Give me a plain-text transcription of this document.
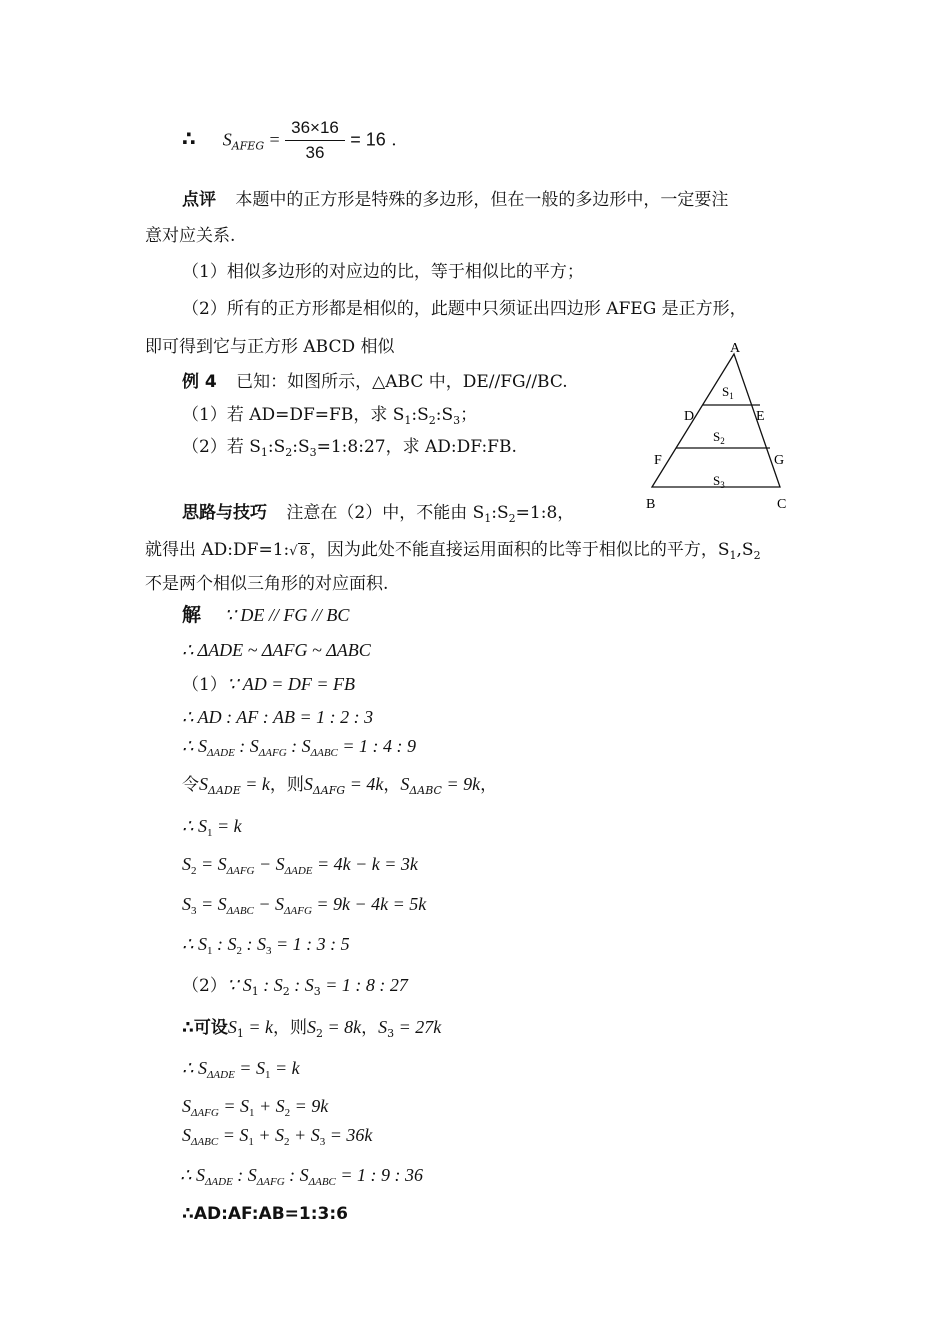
∴ $S_{AFEG} = \frac{36\times 16}{36} = 16$ .
点评 本题中的正方形是特殊的多边形，但在一般的多边形中，一定要注
意对应关系.
（1）相似多边形的对应边的比，等于相似比的平方；
（2）所有的正方形都是相似的，此题中只须证出四边形 AFEG 是正方形，
即可得到它与正方形 ABCD 相似
例 4 已知：如图所示，△ABC 中，DE//FG//BC.
（1）若 AD=DF=FB，求 $S_1:S_2:S_3$；
（2）若 $S_1:S_2:S_3=1:8:27$，求 AD:DF:FB.
A
D	E
F	G
B	C
$S_1$
$S_2$
$S_3$
思路与技巧 注意在（2）中，不能由 $S_1:S_2=1:8$，
就得出 AD:DF=1:√ 8 ，因为此处不能直接运用面积的比等于相似比的平方，$S_1,S_2$
不是两个相似三角形的对应面积.
解 ∵ DE // FG // BC
∴ ΔADE ~ ΔAFG ~ ΔABC
（1）∵ AD = DF = FB
∴ AD : AF : AB = 1 : 2 : 3
∴ $S_{\Delta ADE}$ : $S_{\Delta AFG}$ : $S_{\Delta ABC} = 1$ : 4 : 9
令$S_{\Delta ADE} = k$，则$S_{\Delta AFG} = 4k$，$S_{\Delta ABC} = 9k$，
∴ $S_1 = k$
$S_2 = S_{\Delta AFG} - S_{\Delta ADE} = 4k - k = 3k$
$S_3 = S_{\Delta ABC} - S_{\Delta AFG} = 9k - 4k = 5k$
∴ $S_1$ : $S_2$ : $S_3 = 1$ : 3 : 5
（2）∵ $S_1$ : $S_2$ : $S_3 = 1$ : 8 : 27
∴可设$S_1 = k$，则$S_2 = 8k$，$S_3 = 27k$
∴ $S_{\Delta ADE} = S_1 = k$
$S_{\Delta AFG} = S_1 + S_2 = 9k$
$S_{\Delta ABC} = S_1 + S_2 + S_3 = 36k$
∴ $S_{\Delta ADE}$ : $S_{\Delta AFG}$ : $S_{\Delta ABC} = 1$ : 9 : 36
∴AD:AF:AB=1:3:6
